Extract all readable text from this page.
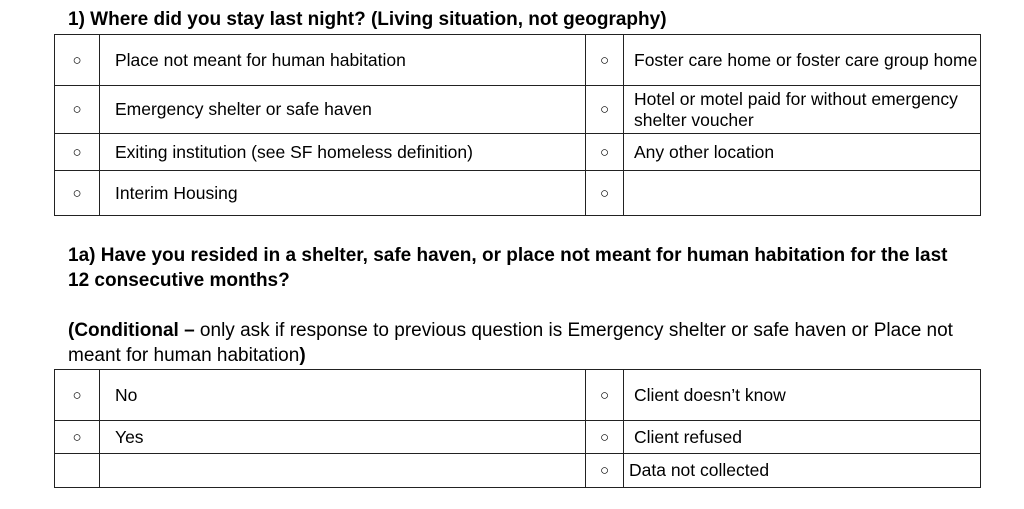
1) Where did you stay last night? (Living situation, not geography)
○	Place not meant for human habitation	○	Foster care home or foster care group home
○	Emergency shelter or safe haven	○	Hotel or motel paid for without emergency shelter voucher
○	Exiting institution (see SF homeless definition)	○	Any other location
○	Interim Housing	○	
1a) Have you resided in a shelter, safe haven, or place not meant for human habitation for the last 12 consecutive months?
(Conditional – only ask if response to previous question is Emergency shelter or safe haven or Place not meant for human habitation)
○	No	○	Client doesn’t know
○	Yes	○	Client refused
		○	Data not collected
